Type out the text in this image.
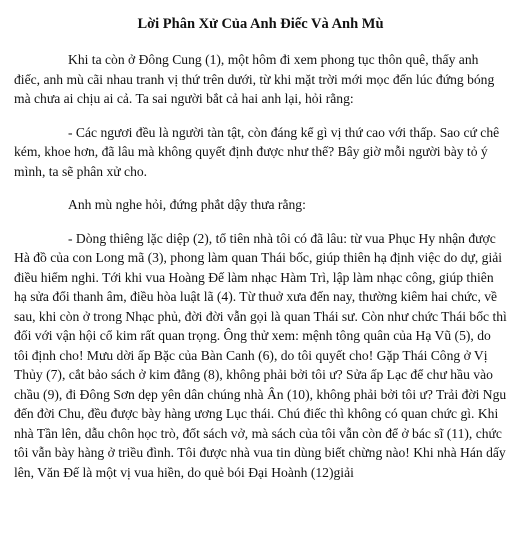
Lời Phân Xử Của Anh Điếc Và Anh Mù

Khi ta còn ở Đông Cung (1), một hôm đi xem phong tục thôn quê, thấy anh điếc, anh mù cãi nhau tranh vị thứ trên dưới, từ khi mặt trời mới mọc đến lúc đứng bóng mà chưa ai chịu ai cả. Ta sai người bắt cả hai anh lại, hỏi rằng:

- Các ngươi đều là người tàn tật, còn đáng kể gì vị thứ cao với thấp. Sao cứ chê kém, khoe hơn, đã lâu mà không quyết định được như thế? Bây giờ mỗi người bày tỏ ý mình, ta sẽ phân xử cho.

Anh mù nghe hỏi, đứng phắt dậy thưa rằng:

- Dòng thiêng lặc diệp (2), tổ tiên nhà tôi có đã lâu: từ vua Phục Hy nhận được Hà đồ của con Long mã (3), phong làm quan Thái bốc, giúp thiên hạ định việc do dự, giải điều hiểm nghi. Tới khi vua Hoàng Đế làm nhạc Hàm Trì, lập làm nhạc công, giúp thiên hạ sửa đổi thanh âm, điều hòa luật lã (4). Từ thuở xưa đến nay, thường kiêm hai chức, về sau, khi còn ở trong Nhạc phủ, đời đời vẫn gọi là quan Thái sư. Còn như chức Thái bốc thì đối với vận hội cổ kim rất quan trọng. Ông thử xem: mệnh tông quân của Hạ Vũ (5), do tôi định cho! Mưu dời ấp Bặc của Bàn Canh (6), do tôi quyết cho! Gặp Thái Công ở Vị Thủy (7), cắt bảo sách ở kim đằng (8), không phải bởi tôi ư? Sửa ấp Lạc để chư hầu vào chầu (9), đi Đông Sơn dẹp yên dân chúng nhà Ân (10), không phải bởi tôi ư? Trải đời Ngu đến đời Chu, đều được bày hàng ương Lục thái. Chú điếc thì không có quan chức gì. Khi nhà Tần lên, dẫu chôn học trò, đốt sách vở, mà sách của tôi vẫn còn để ở bác sĩ (11), chức tôi vẫn bày hàng ở triều đình. Tôi được nhà vua tin dùng biết chừng nào! Khi nhà Hán dấy lên, Văn Đế là một vị vua hiền, do quẻ bói Đại Hoành (12)giải
